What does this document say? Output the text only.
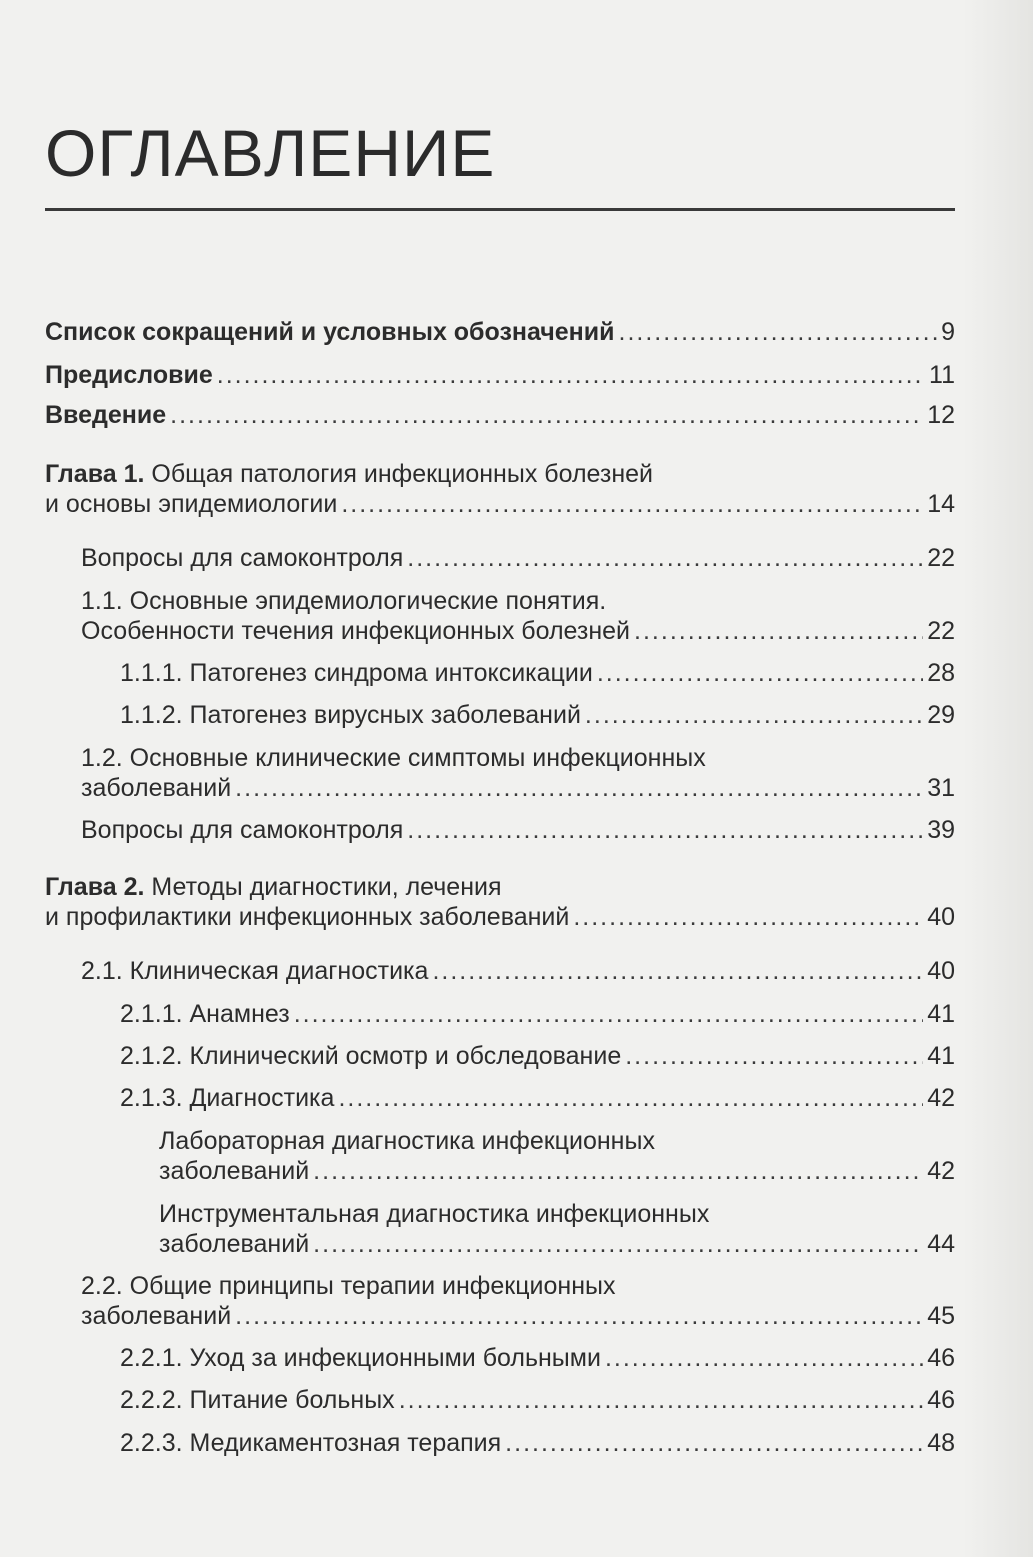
ОГЛАВЛЕНИЕ
Список сокращений и условных обозначений .....	9
Предисловие .....	11
Введение .....	12
Глава 1. Общая патология инфекционных болезней
и основы эпидемиологии .....	14
Вопросы для самоконтроля .....	22
1.1. Основные эпидемиологические понятия.
Особенности течения инфекционных болезней .....	22
1.1.1. Патогенез синдрома интоксикации .....	28
1.1.2. Патогенез вирусных заболеваний .....	29
1.2. Основные клинические симптомы инфекционных
заболеваний .....	31
Вопросы для самоконтроля .....	39
Глава 2. Методы диагностики, лечения
и профилактики инфекционных заболеваний .....	40
2.1. Клиническая диагностика .....	40
2.1.1. Анамнез .....	41
2.1.2. Клинический осмотр и обследование .....	41
2.1.3. Диагностика .....	42
Лабораторная диагностика инфекционных
заболеваний .....	42
Инструментальная диагностика инфекционных
заболеваний .....	44
2.2. Общие принципы терапии инфекционных
заболеваний .....	45
2.2.1. Уход за инфекционными больными .....	46
2.2.2. Питание больных .....	46
2.2.3. Медикаментозная терапия .....	48
